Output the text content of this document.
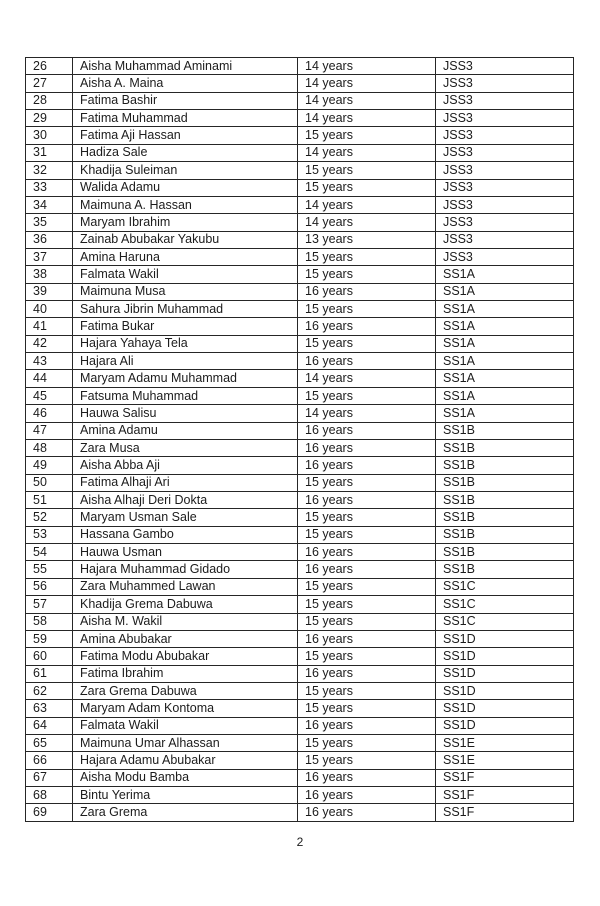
26	Aisha Muhammad Aminami	14 years	JSS3
27	Aisha A. Maina	14 years	JSS3
28	Fatima Bashir	14 years	JSS3
29	Fatima Muhammad	14 years	JSS3
30	Fatima Aji Hassan	15 years	JSS3
31	Hadiza Sale	14 years	JSS3
32	Khadija Suleiman	15 years	JSS3
33	Walida Adamu	15 years	JSS3
34	Maimuna A. Hassan	14 years	JSS3
35	Maryam Ibrahim	14 years	JSS3
36	Zainab Abubakar Yakubu	13 years	JSS3
37	Amina Haruna	15 years	JSS3
38	Falmata Wakil	15 years	SS1A
39	Maimuna Musa	16 years	SS1A
40	Sahura Jibrin Muhammad	15 years	SS1A
41	Fatima Bukar	16 years	SS1A
42	Hajara Yahaya Tela	15 years	SS1A
43	Hajara Ali	16 years	SS1A
44	Maryam Adamu Muhammad	14 years	SS1A
45	Fatsuma Muhammad	15 years	SS1A
46	Hauwa Salisu	14 years	SS1A
47	Amina Adamu	16 years	SS1B
48	Zara Musa	16 years	SS1B
49	Aisha Abba Aji	16 years	SS1B
50	Fatima Alhaji Ari	15 years	SS1B
51	Aisha Alhaji Deri Dokta	16 years	SS1B
52	Maryam Usman Sale	15 years	SS1B
53	Hassana Gambo	15 years	SS1B
54	Hauwa Usman	16 years	SS1B
55	Hajara Muhammad Gidado	16 years	SS1B
56	Zara Muhammed Lawan	15 years	SS1C
57	Khadija Grema Dabuwa	15 years	SS1C
58	Aisha M. Wakil	15 years	SS1C
59	Amina Abubakar	16 years	SS1D
60	Fatima Modu Abubakar	15 years	SS1D
61	Fatima Ibrahim	16 years	SS1D
62	Zara Grema Dabuwa	15 years	SS1D
63	Maryam Adam Kontoma	15 years	SS1D
64	Falmata Wakil	16 years	SS1D
65	Maimuna Umar Alhassan	15 years	SS1E
66	Hajara Adamu Abubakar	15 years	SS1E
67	Aisha Modu Bamba	16 years	SS1F
68	Bintu Yerima	16 years	SS1F
69	Zara Grema	16 years	SS1F
2
